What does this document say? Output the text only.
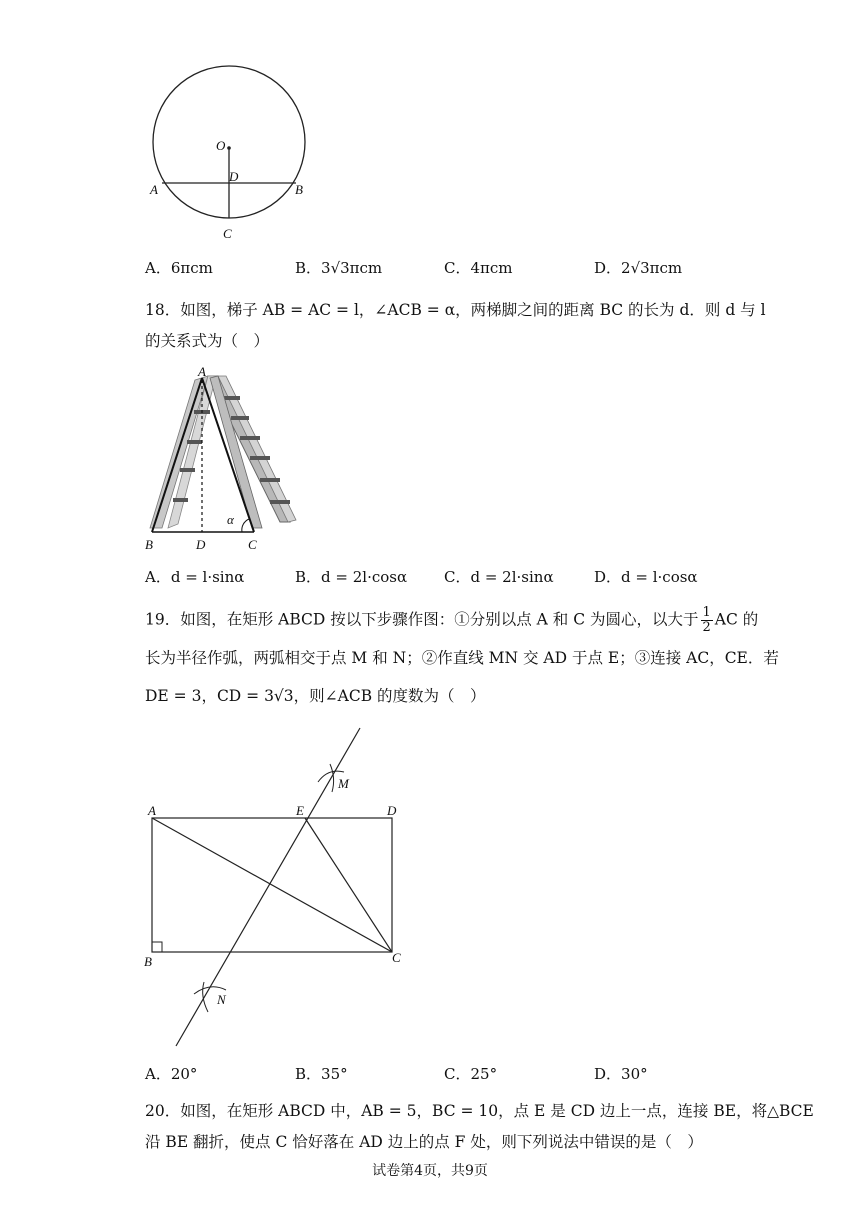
O
D
A	B
C
A．6πcm	B．3√3πcm	C．4πcm	D．2√3πcm
18．如图，梯子 AB = AC = l，∠ACB = α，两梯脚之间的距离 BC 的长为 d．则 d 与 l
的关系式为（　）
A
B	D	C
α
A．d = l·sinα	B．d = 2l·cosα C．d = 2l·sinα	D．d = l·cosα
19．如图，在矩形 ABCD 按以下步骤作图：①分别以点 A 和 C 为圆心，以大于 $\frac{1}{2}$ AC 的
长为半径作弧，两弧相交于点 M 和 N；②作直线 MN 交 AD 于点 E；③连接 AC，CE．若
DE = 3，CD = 3√3，则∠ACB 的度数为（　）
A	E	D
B	C
M
N
A．20°	B．35°	C．25°	D．30°
20．如图，在矩形 ABCD 中，AB = 5，BC = 10，点 E 是 CD 边上一点，连接 BE，将△BCE
沿 BE 翻折，使点 C 恰好落在 AD 边上的点 F 处，则下列说法中错误的是（　）
试卷第4页，共9页
